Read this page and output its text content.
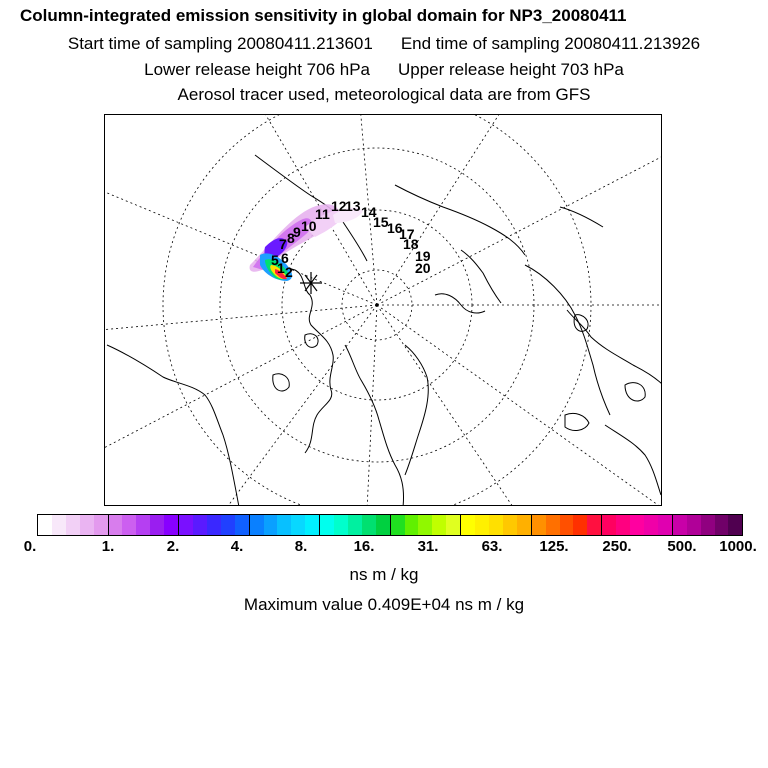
Column-integrated emission sensitivity in global domain for NP3_20080411
Start time of sampling 20080411.213601 End time of sampling 20080411.213926
Lower release height 706 hPa Upper release height 703 hPa
Aerosol tracer used, meteorological data are from GFS
1 2
5 6
7 8
9 10
11 12
13 14
15
16
17
18
19
20
0.	1.	2.	4.	8.	16.	31.	63. 125. 250. 500. 1000.
ns m / kg
Maximum value 0.409E+04 ns m / kg
